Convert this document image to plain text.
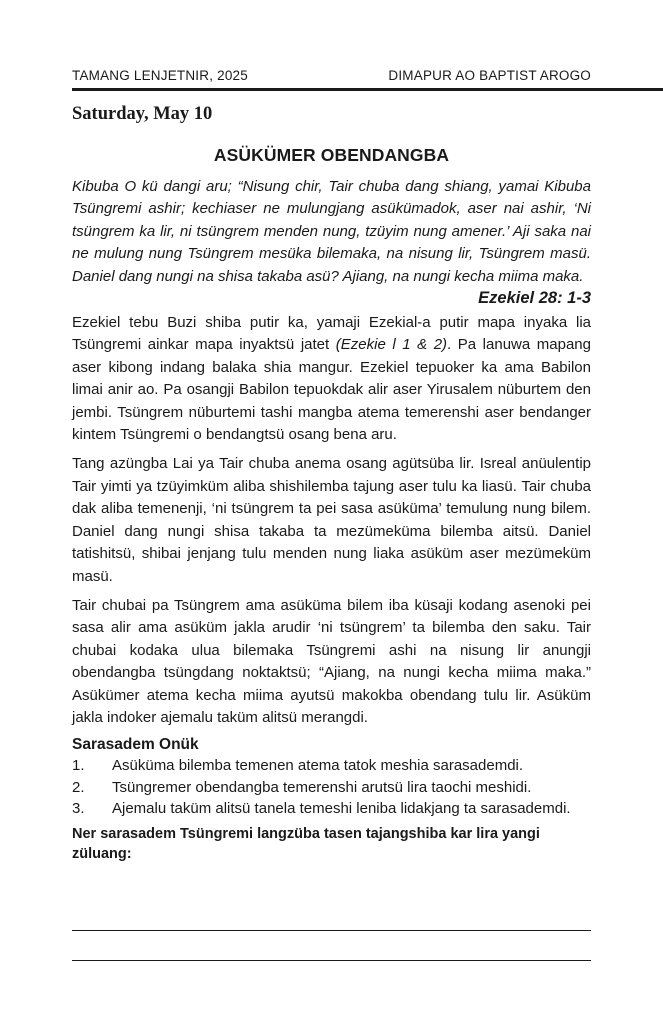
TAMANG LENJETNIR, 2025	DIMAPUR AO BAPTIST AROGO

Saturday, May 10

ASÜKÜMER OBENDANGBA

Kibuba O kü dangi aru; “Nisung chir, Tair chuba dang shiang, yamai Kibuba Tsüngremi ashir; kechiaser ne mulungjang asükümadok, aser nai ashir, ‘Ni tsüngrem ka lir, ni tsüngrem menden nung, tzüyim nung amener.’ Aji saka nai ne mulung nung Tsüngrem mesüka bilemaka, na nisung lir, Tsüngrem masü. Daniel dang nungi na shisa takaba asü? Ajiang, na nungi kecha miima maka.

Ezekiel 28: 1-3

Ezekiel tebu Buzi shiba putir ka, yamaji Ezekial-a putir mapa inyaka lia Tsüngremi ainkar mapa inyaktsü jatet (Ezekie l 1 & 2). Pa lanuwa mapang aser kibong indang balaka shia mangur. Ezekiel tepuoker ka ama Babilon limai anir ao. Pa osangji Babilon tepuokdak alir aser Yirusalem nüburtem den jembi. Tsüngrem nüburtemi tashi mangba atema temerenshi aser bendanger kintem Tsüngremi o bendangtsü osang bena aru.

Tang azüngba Lai ya Tair chuba anema osang agütsüba lir. Isreal anüulentip Tair yimti ya tzüyimküm aliba shishilemba tajung aser tulu ka liasü. Tair chuba dak aliba temenenji, ‘ni tsüngrem ta pei sasa asüküma’ temulung nung bilem. Daniel dang nungi shisa takaba ta mezümeküma bilemba aitsü. Daniel tatishitsü, shibai jenjang tulu menden nung liaka asüküm aser mezümeküm masü.

Tair chubai pa Tsüngrem ama asüküma bilem iba küsaji kodang asenoki pei sasa alir ama asüküm jakla arudir ‘ni tsüngrem’ ta bilemba den saku. Tair chubai kodaka ulua bilemaka Tsüngremi ashi na nisung lir anungji obendangba tsüngdang noktaktsü; “Ajiang, na nungi kecha miima maka.” Asükümer atema kecha miima ayutsü makokba obendang tulu lir. Asüküm jakla indoker ajemalu taküm alitsü merangdi.

Sarasadem Onük

1. Asüküma bilemba temenen atema tatok meshia sarasademdi.
2. Tsüngremer obendangba temerenshi arutsü lira taochi meshidi.
3. Ajemalu taküm alitsü tanela temeshi leniba lidakjang ta sarasademdi.

Ner sarasadem Tsüngremi langzüba tasen tajangshiba kar lira yangi züluang:
